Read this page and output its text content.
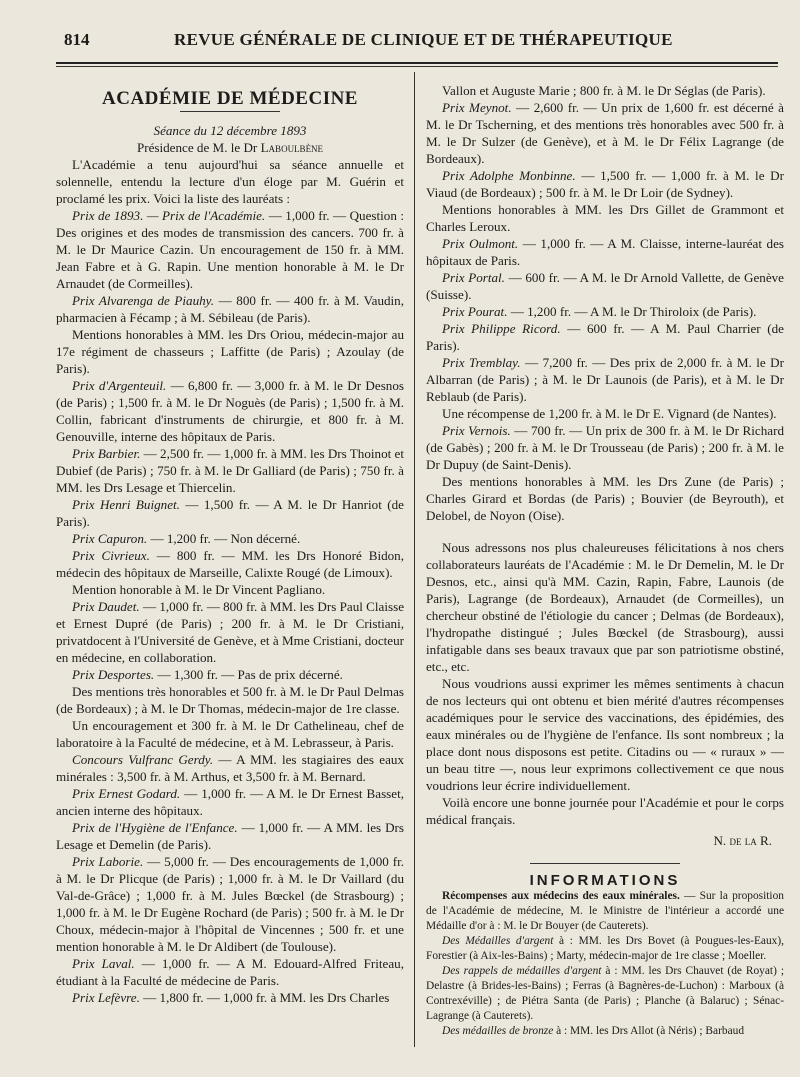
814	REVUE GÉNÉRALE DE CLINIQUE ET DE THÉRAPEUTIQUE

ACADÉMIE DE MÉDECINE

Séance du 12 décembre 1893

Présidence de M. le Dr Laboulbène

L'Académie a tenu aujourd'hui sa séance annuelle et solennelle, entendu la lecture d'un éloge par M. Guérin et proclamé les prix. Voici la liste des lauréats :

Prix de 1893. — Prix de l'Académie. — 1,000 fr. — Question : Des origines et des modes de transmission des cancers. 700 fr. à M. le Dr Maurice Cazin. Un encouragement de 150 fr. à MM. Jean Fabre et à G. Rapin. Une mention honorable à M. le Dr Arnaudet (de Cormeilles).

Prix Alvarenga de Piauhy. — 800 fr. — 400 fr. à M. Vaudin, pharmacien à Fécamp ; à M. Sébileau (de Paris).

Mentions honorables à MM. les Drs Oriou, médecin-major au 17e régiment de chasseurs ; Laffitte (de Paris) ; Azoulay (de Paris).

Prix d'Argenteuil. — 6,800 fr. — 3,000 fr. à M. le Dr Desnos (de Paris) ; 1,500 fr. à M. le Dr Noguès (de Paris) ; 1,500 fr. à M. Collin, fabricant d'instruments de chirurgie, et 800 fr. à M. Genouville, interne des hôpitaux de Paris.

Prix Barbier. — 2,500 fr. — 1,000 fr. à MM. les Drs Thoinot et Dubief (de Paris) ; 750 fr. à M. le Dr Galliard (de Paris) ; 750 fr. à MM. les Drs Lesage et Thiercelin.

Prix Henri Buignet. — 1,500 fr. — A M. le Dr Hanriot (de Paris).

Prix Capuron. — 1,200 fr. — Non décerné.

Prix Civrieux. — 800 fr. — MM. les Drs Honoré Bidon, médecin des hôpitaux de Marseille, Calixte Rougé (de Limoux).

Mention honorable à M. le Dr Vincent Pagliano.

Prix Daudet. — 1,000 fr. — 800 fr. à MM. les Drs Paul Claisse et Ernest Dupré (de Paris) ; 200 fr. à M. le Dr Cristiani, privatdocent à l'Université de Genève, et à Mme Cristiani, docteur en médecine, en collaboration.

Prix Desportes. — 1,300 fr. — Pas de prix décerné.

Des mentions très honorables et 500 fr. à M. le Dr Paul Delmas (de Bordeaux) ; à M. le Dr Thomas, médecin-major de 1re classe.

Un encouragement et 300 fr. à M. le Dr Cathelineau, chef de laboratoire à la Faculté de médecine, et à M. Lebrasseur, à Paris.

Concours Vulfranc Gerdy. — A MM. les stagiaires des eaux minérales : 3,500 fr. à M. Arthus, et 3,500 fr. à M. Bernard.

Prix Ernest Godard. — 1,000 fr. — A M. le Dr Ernest Basset, ancien interne des hôpitaux.

Prix de l'Hygiène de l'Enfance. — 1,000 fr. — A MM. les Drs Lesage et Demelin (de Paris).

Prix Laborie. — 5,000 fr. — Des encouragements de 1,000 fr. à M. le Dr Plicque (de Paris) ; 1,000 fr. à M. le Dr Vaillard (du Val-de-Grâce) ; 1,000 fr. à M. Jules Bœckel (de Strasbourg) ; 1,000 fr. à M. le Dr Eugène Rochard (de Paris) ; 500 fr. à M. le Dr Choux, médecin-major à l'hôpital de Vincennes ; 500 fr. et une mention honorable à M. le Dr Aldibert (de Toulouse).

Prix Laval. — 1,000 fr. — A M. Edouard-Alfred Friteau, étudiant à la Faculté de médecine de Paris.

Prix Lefèvre. — 1,800 fr. — 1,000 fr. à MM. les Drs Charles

Vallon et Auguste Marie ; 800 fr. à M. le Dr Séglas (de Paris).

Prix Meynot. — 2,600 fr. — Un prix de 1,600 fr. est décerné à M. le Dr Tscherning, et des mentions très honorables avec 500 fr. à M. le Dr Sulzer (de Genève), et à M. le Dr Félix Lagrange (de Bordeaux).

Prix Adolphe Monbinne. — 1,500 fr. — 1,000 fr. à M. le Dr Viaud (de Bordeaux) ; 500 fr. à M. le Dr Loir (de Sydney).

Mentions honorables à MM. les Drs Gillet de Grammont et Charles Leroux.

Prix Oulmont. — 1,000 fr. — A M. Claisse, interne-lauréat des hôpitaux de Paris.

Prix Portal. — 600 fr. — A M. le Dr Arnold Vallette, de Genève (Suisse).

Prix Pourat. — 1,200 fr. — A M. le Dr Thiroloix (de Paris).

Prix Philippe Ricord. — 600 fr. — A M. Paul Charrier (de Paris).

Prix Tremblay. — 7,200 fr. — Des prix de 2,000 fr. à M. le Dr Albarran (de Paris) ; à M. le Dr Launois (de Paris), et à M. le Dr Reblaub (de Paris).

Une récompense de 1,200 fr. à M. le Dr E. Vignard (de Nantes).

Prix Vernois. — 700 fr. — Un prix de 300 fr. à M. le Dr Richard (de Gabès) ; 200 fr. à M. le Dr Trousseau (de Paris) ; 200 fr. à M. le Dr Dupuy (de Saint-Denis).

Des mentions honorables à MM. les Drs Zune (de Paris) ; Charles Girard et Bordas (de Paris) ; Bouvier (de Beyrouth), et Delobel, de Noyon (Oise).

Nous adressons nos plus chaleureuses félicitations à nos chers collaborateurs lauréats de l'Académie : M. le Dr Demelin, M. le Dr Desnos, etc., ainsi qu'à MM. Cazin, Rapin, Fabre, Launois (de Paris), Lagrange (de Bordeaux), Arnaudet (de Cormeilles), un chercheur obstiné de l'étiologie du cancer ; Delmas (de Bordeaux), l'hydropathe distingué ; Jules Bœckel (de Strasbourg), aussi infatigable dans ses beaux travaux que par son patriotisme obstiné, etc., etc.

Nous voudrions aussi exprimer les mêmes sentiments à chacun de nos lecteurs qui ont obtenu et bien mérité d'autres récompenses académiques pour le service des vaccinations, des épidémies, des eaux minérales ou de l'hygiène de l'enfance. Ils sont nombreux ; la place dont nous disposons est petite. Citadins ou — « ruraux » — un beau titre —, nous leur exprimons collectivement ce que nous voudrions leur écrire individuellement.

Voilà encore une bonne journée pour l'Académie et pour le corps médical français.

N. de la R.

INFORMATIONS

Récompenses aux médecins des eaux minérales. — Sur la proposition de l'Académie de médecine, M. le Ministre de l'intérieur a accordé une Médaille d'or à : M. le Dr Bouyer (de Cauterets).

Des Médailles d'argent à : MM. les Drs Bovet (à Pougues-les-Eaux), Forestier (à Aix-les-Bains) ; Marty, médecin-major de 1re classe ; Moeller.

Des rappels de médailles d'argent à : MM. les Drs Chauvet (de Royat) ; Delastre (à Brides-les-Bains) ; Ferras (à Bagnères-de-Luchon) : Marboux (à Contrexéville) ; de Piétra Santa (de Paris) ; Planche (à Balaruc) ; Sénac-Lagrange (à Cauterets).

Des médailles de bronze à : MM. les Drs Allot (à Néris) ; Barbaud
